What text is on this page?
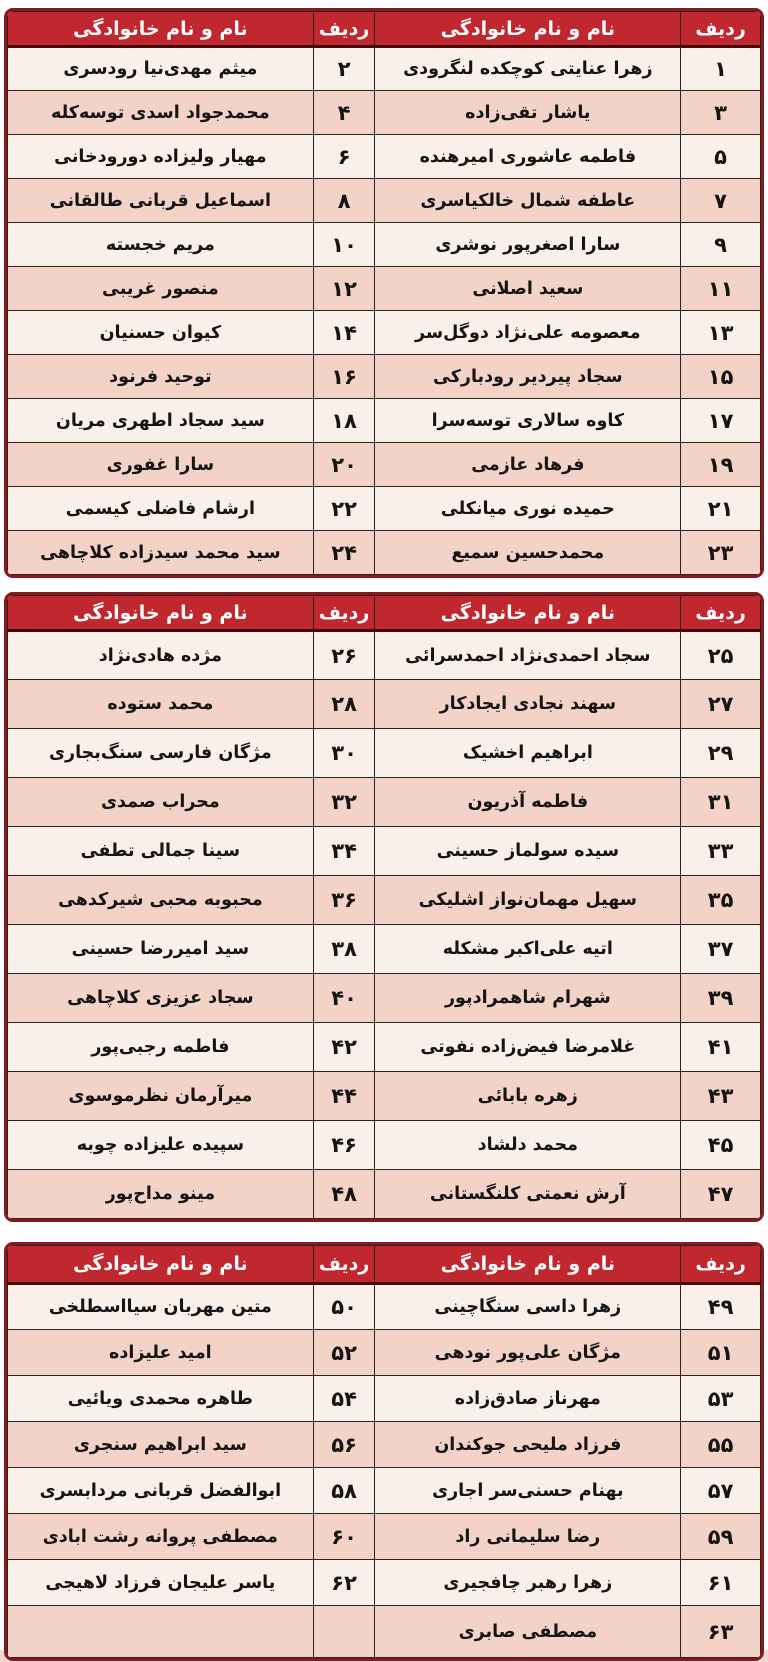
ردیف	نام و نام خانوادگی	ردیف	نام و نام خانوادگی
۱	زهرا عنایتی کوچکده لنگرودی	۲	میثم مهدی‌نیا رودسری
۳	یاشار تقی‌زاده	۴	محمدجواد اسدی توسه‌کله
۵	فاطمه عاشوری امیرهنده	۶	مهیار ولیزاده دورودخانی
۷	عاطفه شمال خالکیاسری	۸	اسماعیل قربانی طالقانی
۹	سارا اصغرپور نوشری	۱۰	مریم خجسته
۱۱	سعید اصلانی	۱۲	منصور غریبی
۱۳	معصومه علی‌نژاد دوگل‌سر	۱۴	کیوان حسنیان
۱۵	سجاد پیردیر رودبارکی	۱۶	توحید فرنود
۱۷	کاوه سالاری توسه‌سرا	۱۸	سید سجاد اطهری مریان
۱۹	فرهاد عازمی	۲۰	سارا غفوری
۲۱	حمیده نوری میانکلی	۲۲	ارشام فاضلی کیسمی
۲۳	محمدحسین سمیع	۲۴	سید محمد سیدزاده کلاچاهی
ردیف	نام و نام خانوادگی	ردیف	نام و نام خانوادگی
۲۵	سجاد احمدی‌نژاد احمدسرائی	۲۶	مژده هادی‌نژاد
۲۷	سهند نجادی ایجادکار	۲۸	محمد ستوده
۲۹	ابراهیم اخشیک	۳۰	مژگان فارسی سنگ‌بجاری
۳۱	فاطمه آذریون	۳۲	محراب صمدی
۳۳	سیده سولماز حسینی	۳۴	سینا جمالی تطفی
۳۵	سهیل مهمان‌نواز اشلیکی	۳۶	محبوبه محبی شیرکدهی
۳۷	اتیه علی‌اکبر مشکله	۳۸	سید امیررضا حسینی
۳۹	شهرام شاهمرادپور	۴۰	سجاد عزیزی کلاچاهی
۴۱	غلامرضا فیض‌زاده نفوتی	۴۲	فاطمه رجبی‌پور
۴۳	زهره بابائی	۴۴	میرآرمان نظرموسوی
۴۵	محمد دلشاد	۴۶	سپیده علیزاده چوبه
۴۷	آرش نعمتی کلنگستانی	۴۸	مینو مداح‌پور
ردیف	نام و نام خانوادگی	ردیف	نام و نام خانوادگی
۴۹	زهرا داسی سنگاچینی	۵۰	متین مهربان سیااسطلخی
۵۱	مژگان علی‌پور نودهی	۵۲	امید علیزاده
۵۳	مهرناز صادق‌زاده	۵۴	طاهره محمدی ویائیی
۵۵	فرزاد ملیحی جوکندان	۵۶	سید ابراهیم سنجری
۵۷	بهنام حسنی‌سر اجاری	۵۸	ابوالفضل قربانی مردابسری
۵۹	رضا سلیمانی راد	۶۰	مصطفی پروانه رشت ابادی
۶۱	زهرا رهبر چافجیری	۶۲	یاسر علیجان فرزاد لاهیجی
۶۳	مصطفی صابری		
